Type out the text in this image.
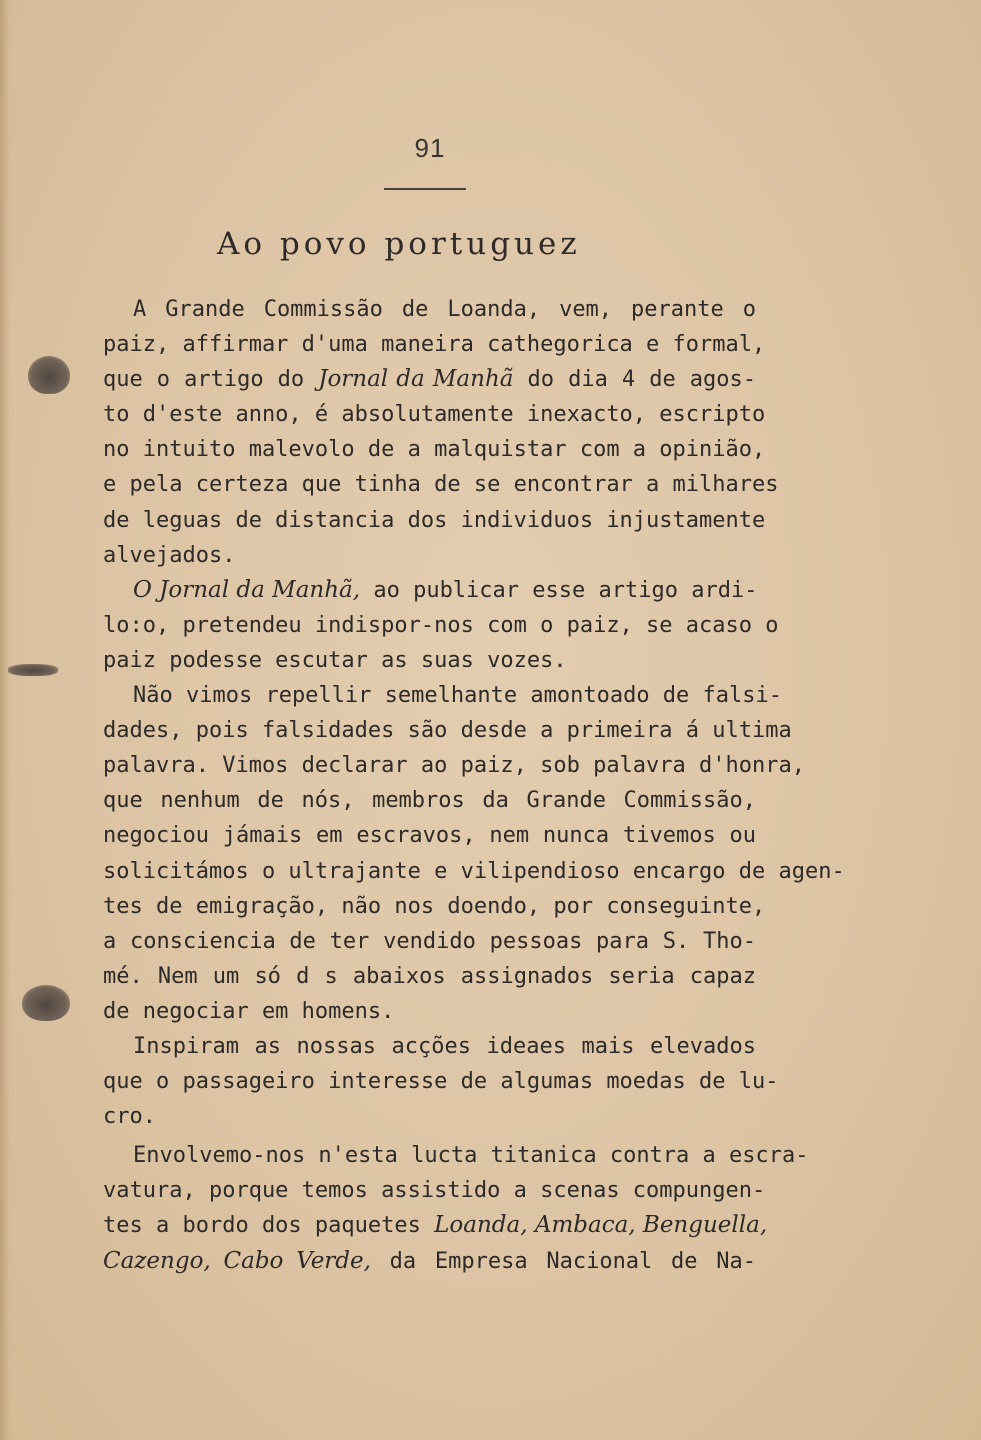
91
Ao povo portuguez
A Grande Commissão de Loanda, vem, perante o
paiz, affirmar d'uma maneira cathegorica e formal,
que o artigo do Jornal da Manhã do dia 4 de agos-
to d'este anno, é absolutamente inexacto, escripto
no intuito malevolo de a malquistar com a opinião,
e pela certeza que tinha de se encontrar a milhares
de leguas de distancia dos individuos injustamente
alvejados.
O Jornal da Manhã, ao publicar esse artigo ardi-
lo:o, pretendeu indispor-nos com o paiz, se acaso o
paiz podesse escutar as suas vozes.
Não vimos repellir semelhante amontoado de falsi-
dades, pois falsidades são desde a primeira á ultima
palavra. Vimos declarar ao paiz, sob palavra d'honra,
que nenhum de nós, membros da Grande Commissão,
negociou jámais em escravos, nem nunca tivemos ou
solicitámos o ultrajante e vilipendioso encargo de agen-
tes de emigração, não nos doendo, por conseguinte,
a consciencia de ter vendido pessoas para S. Tho-
mé. Nem um só d s abaixos assignados seria capaz
de negociar em homens.
Inspiram as nossas acções ideaes mais elevados
que o passageiro interesse de algumas moedas de lu-
cro.
Envolvemo-nos n'esta lucta titanica contra a escra-
vatura, porque temos assistido a scenas compungen-
tes a bordo dos paquetes Loanda, Ambaca, Benguella,
Cazengo, Cabo Verde, da Empresa Nacional de Na-
